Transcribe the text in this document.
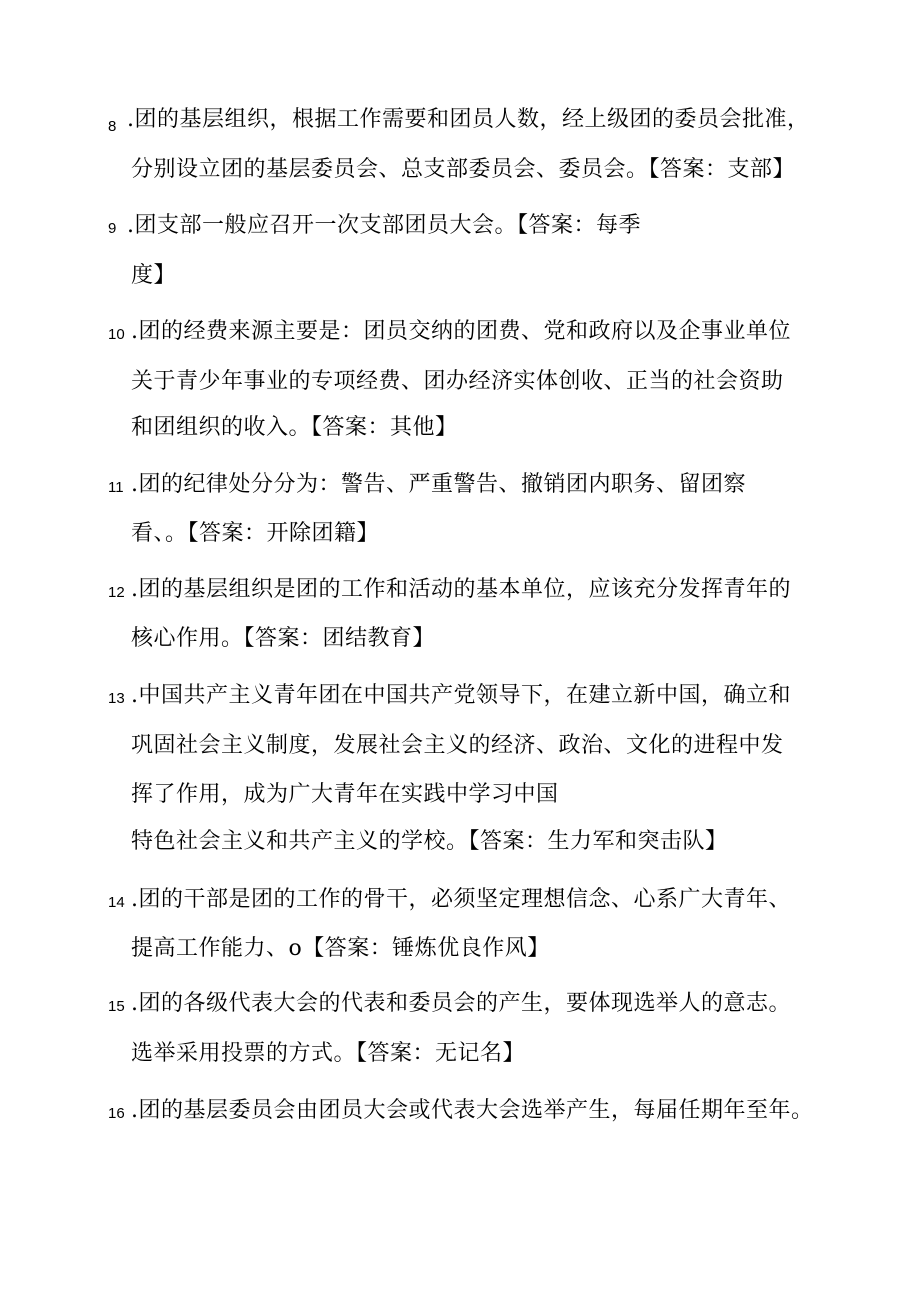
8 .团的基层组织，根据工作需要和团员人数，经上级团的委员会批准，
分别设立团的基层委员会、总支部委员会、委员会。【答案：支部】
9 .团支部一般应召开一次支部团员大会。【答案：每季
度】
10 .团的经费来源主要是：团员交纳的团费、党和政府以及企事业单位
关于青少年事业的专项经费、团办经济实体创收、正当的社会资助
和团组织的收入。【答案：其他】
11 .团的纪律处分分为：警告、严重警告、撤销团内职务、留团察
看、。【答案：开除团籍】
12 .团的基层组织是团的工作和活动的基本单位，应该充分发挥青年的
核心作用。【答案：团结教育】
13 .中国共产主义青年团在中国共产党领导下，在建立新中国，确立和
巩固社会主义制度，发展社会主义的经济、政治、文化的进程中发
挥了作用，成为广大青年在实践中学习中国
特色社会主义和共产主义的学校。【答案：生力军和突击队】
14 .团的干部是团的工作的骨干，必须坚定理想信念、心系广大青年、
提高工作能力、o【答案：锤炼优良作风】
15 .团的各级代表大会的代表和委员会的产生，要体现选举人的意志。
选举采用投票的方式。【答案：无记名】
16 .团的基层委员会由团员大会或代表大会选举产生，每届任期年至年。
